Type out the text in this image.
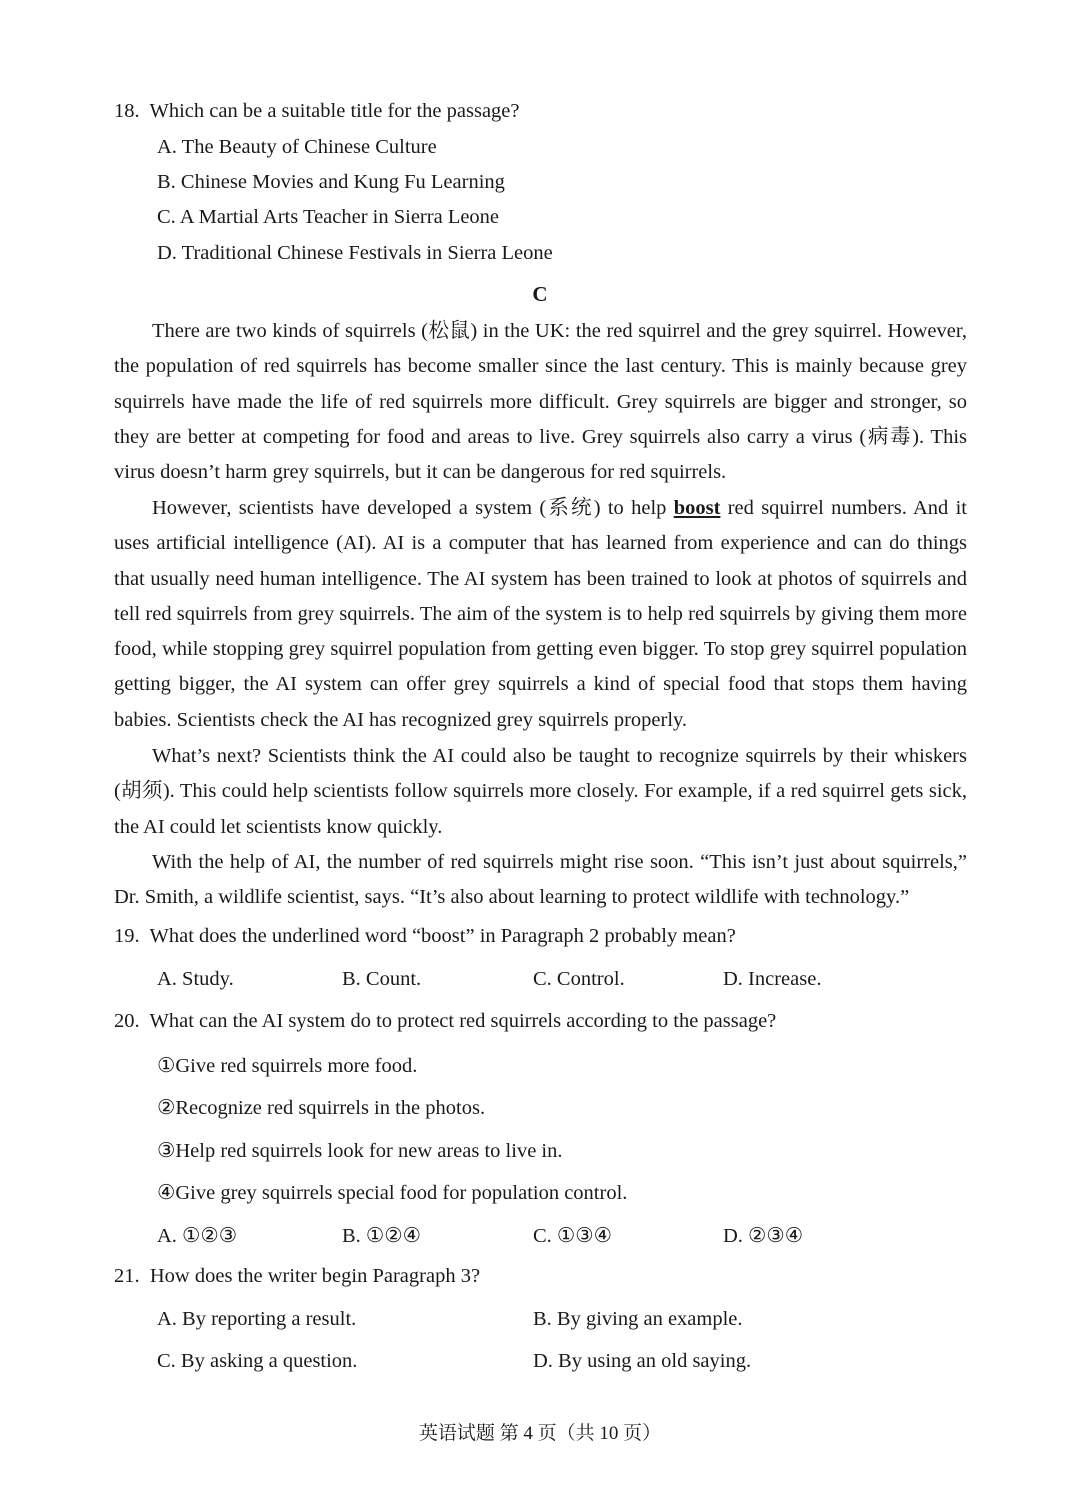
18. Which can be a suitable title for the passage?
A. The Beauty of Chinese Culture
B. Chinese Movies and Kung Fu Learning
C. A Martial Arts Teacher in Sierra Leone
D. Traditional Chinese Festivals in Sierra Leone
C
There are two kinds of squirrels (松鼠) in the UK: the red squirrel and the grey squirrel. However, the population of red squirrels has become smaller since the last century. This is mainly because grey squirrels have made the life of red squirrels more difficult. Grey squirrels are bigger and stronger, so they are better at competing for food and areas to live. Grey squirrels also carry a virus (病毒). This virus doesn’t harm grey squirrels, but it can be dangerous for red squirrels.
However, scientists have developed a system (系统) to help boost red squirrel numbers. And it uses artificial intelligence (AI). AI is a computer that has learned from experience and can do things that usually need human intelligence. The AI system has been trained to look at photos of squirrels and tell red squirrels from grey squirrels. The aim of the system is to help red squirrels by giving them more food, while stopping grey squirrel population from getting even bigger. To stop grey squirrel population getting bigger, the AI system can offer grey squirrels a kind of special food that stops them having babies. Scientists check the AI has recognized grey squirrels properly.
What’s next? Scientists think the AI could also be taught to recognize squirrels by their whiskers (胡须). This could help scientists follow squirrels more closely. For example, if a red squirrel gets sick, the AI could let scientists know quickly.
With the help of AI, the number of red squirrels might rise soon. “This isn’t just about squirrels,” Dr. Smith, a wildlife scientist, says. “It’s also about learning to protect wildlife with technology.”
19. What does the underlined word “boost” in Paragraph 2 probably mean?
A. Study.	B. Count.	C. Control.	D. Increase.
20. What can the AI system do to protect red squirrels according to the passage?
①Give red squirrels more food.
②Recognize red squirrels in the photos.
③Help red squirrels look for new areas to live in.
④Give grey squirrels special food for population control.
A. ①②③	B. ①②④	C. ①③④	D. ②③④
21. How does the writer begin Paragraph 3?
A. By reporting a result.	B. By giving an example.
C. By asking a question.	D. By using an old saying.
英语试题 第 4 页（共 10 页）
